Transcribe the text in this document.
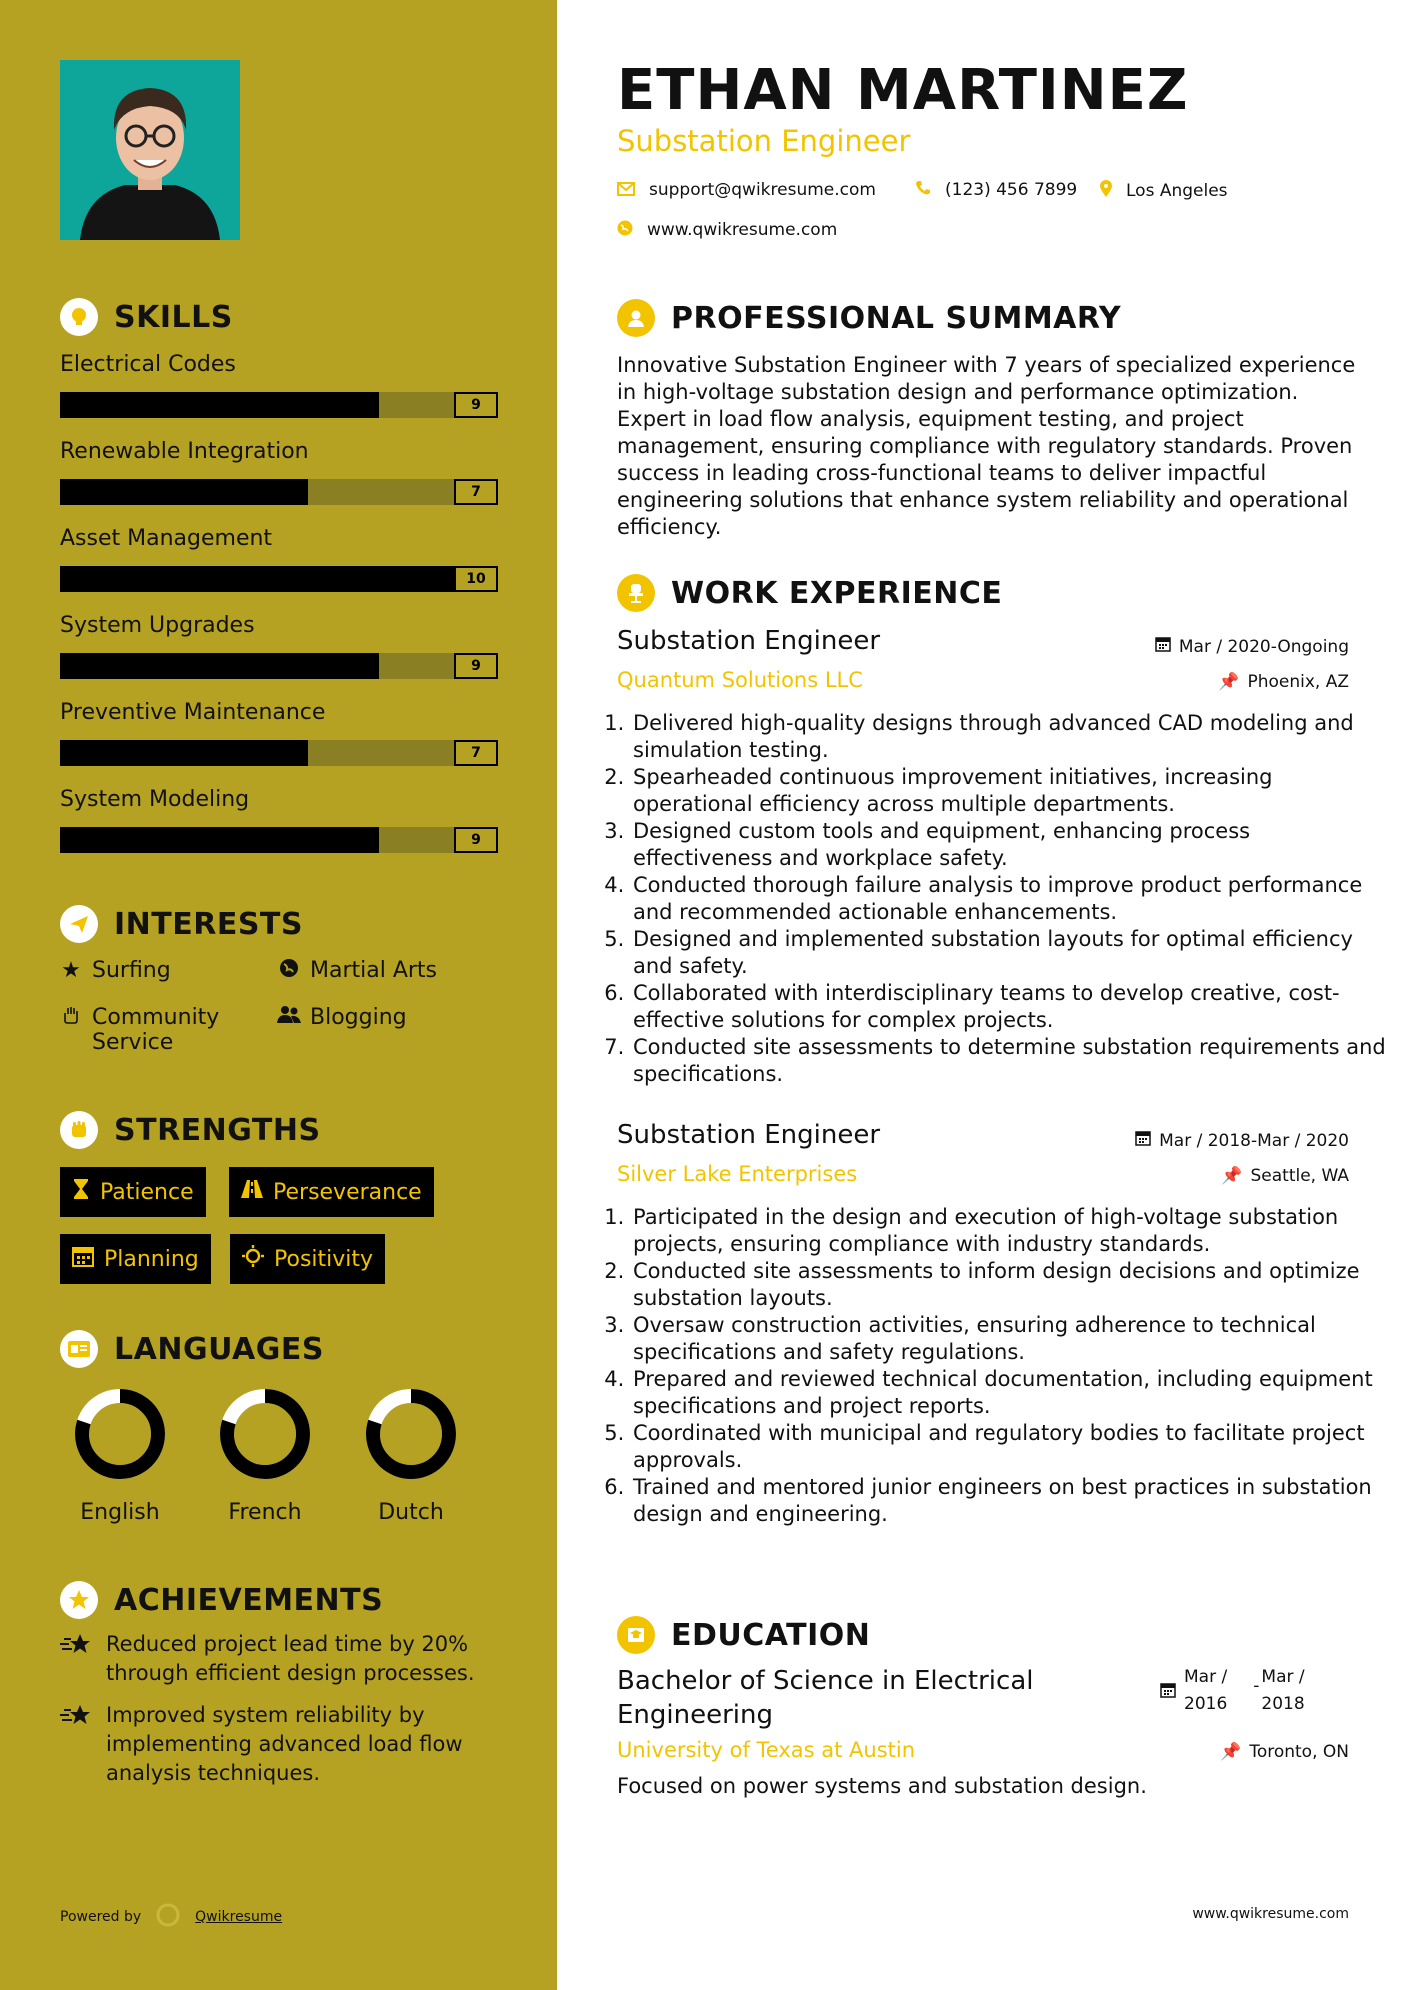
SKILLS
Electrical Codes
9
Renewable Integration
7
Asset Management
10
System Upgrades
9
Preventive Maintenance
7
System Modeling
9
INTERESTS
★ Surfing	Martial Arts
Community Service
Blogging
STRENGTHS
Patience	Perseverance
Planning	Positivity
LANGUAGES
English	French	Dutch
ACHIEVEMENTS
Reduced project lead time by 20% through efficient design processes.
Improved system reliability by implementing advanced load flow analysis techniques.
Powered by	Qwikresume
ETHAN MARTINEZ
Substation Engineer
support@qwikresume.com	(123) 456 7899	Los Angeles
www.qwikresume.com
PROFESSIONAL SUMMARY
Innovative Substation Engineer with 7 years of specialized experience in high-voltage substation design and performance optimization. Expert in load flow analysis, equipment testing, and project management, ensuring compliance with regulatory standards. Proven success in leading cross-functional teams to deliver impactful engineering solutions that enhance system reliability and operational efficiency.
WORK EXPERIENCE
Substation Engineer	Mar / 2020-Ongoing
Quantum Solutions LLC	📌 Phoenix, AZ
1. Delivered high-quality designs through advanced CAD modeling and simulation testing.
2. Spearheaded continuous improvement initiatives, increasing operational efficiency across multiple departments.
3. Designed custom tools and equipment, enhancing process effectiveness and workplace safety.
4. Conducted thorough failure analysis to improve product performance and recommended actionable enhancements.
5. Designed and implemented substation layouts for optimal efficiency and safety.
6. Collaborated with interdisciplinary teams to develop creative, cost-effective solutions for complex projects.
7. Conducted site assessments to determine substation requirements and specifications.
Substation Engineer	Mar / 2018-Mar / 2020
Silver Lake Enterprises	📌 Seattle, WA
1. Participated in the design and execution of high-voltage substation projects, ensuring compliance with industry standards.
2. Conducted site assessments to inform design decisions and optimize substation layouts.
3. Oversaw construction activities, ensuring adherence to technical specifications and safety regulations.
4. Prepared and reviewed technical documentation, including equipment specifications and project reports.
5. Coordinated with municipal and regulatory bodies to facilitate project approvals.
6. Trained and mentored junior engineers on best practices in substation design and engineering.
EDUCATION
Bachelor of Science in Electrical Engineering
Mar /
2016
- Mar /
2018
University of Texas at Austin	📌 Toronto, ON
Focused on power systems and substation design.
www.qwikresume.com
